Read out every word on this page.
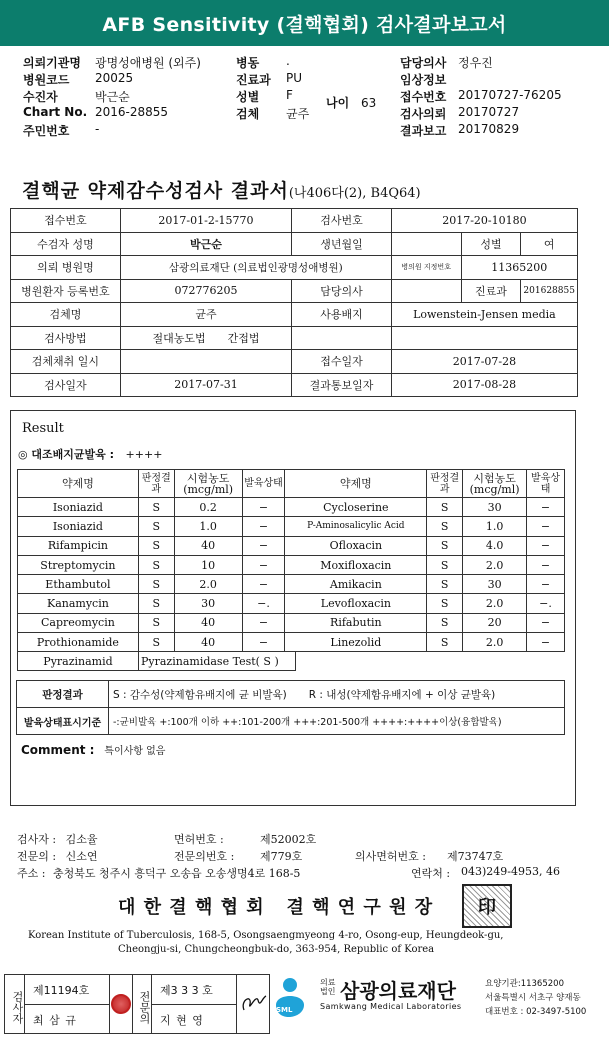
AFB Sensitivity (결핵협회) 검사결과보고서
의뢰기관명	광명성애병원 (외주)
병원코드	20025
수진자	박근순
Chart No. 2016-28855
주민번호	-
병동	.
진료과	PU
성별	F
검체	균주
나이 63
담당의사 정우진
임상정보
접수번호 20170727-76205
검사의뢰 20170727
결과보고 20170829
결핵균 약제감수성검사 결과서(나406다(2), B4Q64)
접수번호	2017-01-2-15770	검사번호	2017-20-10180		
수검자 성명	박근순	생년월일		성별	여
의뢰 병원명	삼광의료재단 (의료법인광명성애병원)		병의원 지정번호	11365200	
병원환자 등록번호	072776205	담당의사		진료과	201628855
검체명	균주	사용배지	Lowenstein-Jensen media		
검사방법	절대농도법 간접법				
검체채취 일시		접수일자	2017-07-28		
검사일자	2017-07-31	결과통보일자	2017-08-28		
Result
◎ 대조배지균발육 : ++++
약제명	판정결과	시험농도(mcg/ml)	발육상태	약제명	판정결과	시험농도(mcg/ml)	발육상태
Isoniazid	S	0.2	−	Cycloserine	S	30	−
Isoniazid	S	1.0	−	P-Aminosalicylic Acid	S	1.0	−
Rifampicin	S	40	−	Ofloxacin	S	4.0	−
Streptomycin	S	10	−	Moxifloxacin	S	2.0	−
Ethambutol	S	2.0	−	Amikacin	S	30	−
Kanamycin	S	30	−.	Levofloxacin	S	2.0	−.
Capreomycin	S	40	−	Rifabutin	S	20	−
Prothionamide	S	40	−	Linezolid	S	2.0	−
Pyrazinamid	Pyrazinamidase Test( S )
판정결과	S : 감수성(약제함유배지에 균 비발육) R : 내성(약제함유배지에 + 이상 균발육)
발육상태표시기준	-:균비발육 +:100개 이하 ++:101-200개 +++:201-500개 ++++:++++이상(융합발육)
Comment : 특이사항 없음
검사자 : 김소율	면허번호 :	제52002호
전문의 : 신소연	전문의번호 : 제779호	의사면허번호 : 제73747호
주소 : 충청북도 청주시 흥덕구 오송읍 오송생명4로 168-5	연락처 : 043)249-4953, 46
대 한 결 핵 협 회   결 핵 연 구 원 장 印
Korean Institute of Tuberculosis, 168-5, Osongsaengmyeong 4-ro, Osong-eup, Heungdeok-gu,
Cheongju-si, Chungcheongbuk-do, 363-954, Republic of Korea
검사자 제11194호
최 삼 규	전문의 제3 3 3 호
지 현 영
SML
의료법인 삼광의료재단
Samkwang Medical Laboratories
요양기관:11365200
서울특별시 서초구 양재동
대표번호 : 02-3497-5100
